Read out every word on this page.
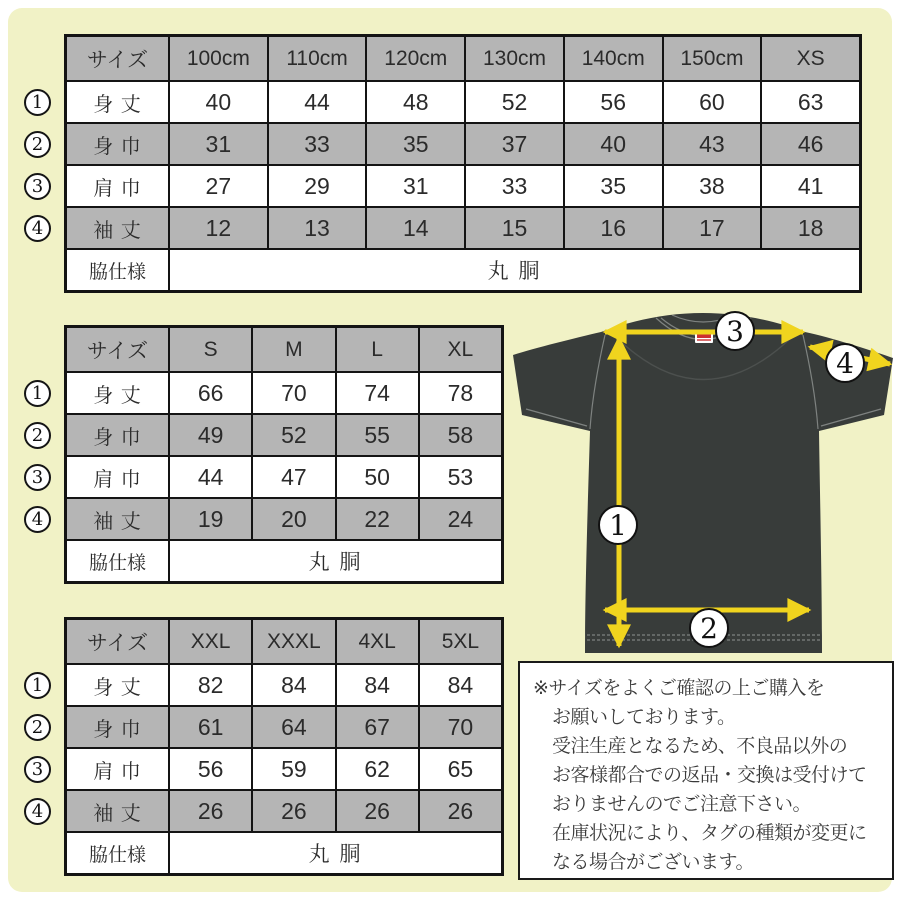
1
2
3
4
サイズ	100cm	110cm	120cm	130cm	140cm	150cm	XS
身 丈	40	44	48	52	56	60	63
身 巾	31	33	35	37	40	43	46
肩 巾	27	29	31	33	35	38	41
袖 丈	12	13	14	15	16	17	18
脇仕様	丸 胴
1
2
3
4
サイズ	S	M	L	XL
身 丈	66	70	74	78
身 巾	49	52	55	58
肩 巾	44	47	50	53
袖 丈	19	20	22	24
脇仕様	丸 胴
1
2
3
4
サイズ	XXL	XXXL	4XL	5XL
身 丈	82	84	84	84
身 巾	61	64	67	70
肩 巾	56	59	62	65
袖 丈	26	26	26	26
脇仕様	丸 胴
3
4
1
2
※サイズをよくご確認の上ご購入を
お願いしております。
受注生産となるため、不良品以外の
お客様都合での返品・交換は受付けて
おりませんのでご注意下さい。
在庫状況により、タグの種類が変更に
なる場合がございます。
